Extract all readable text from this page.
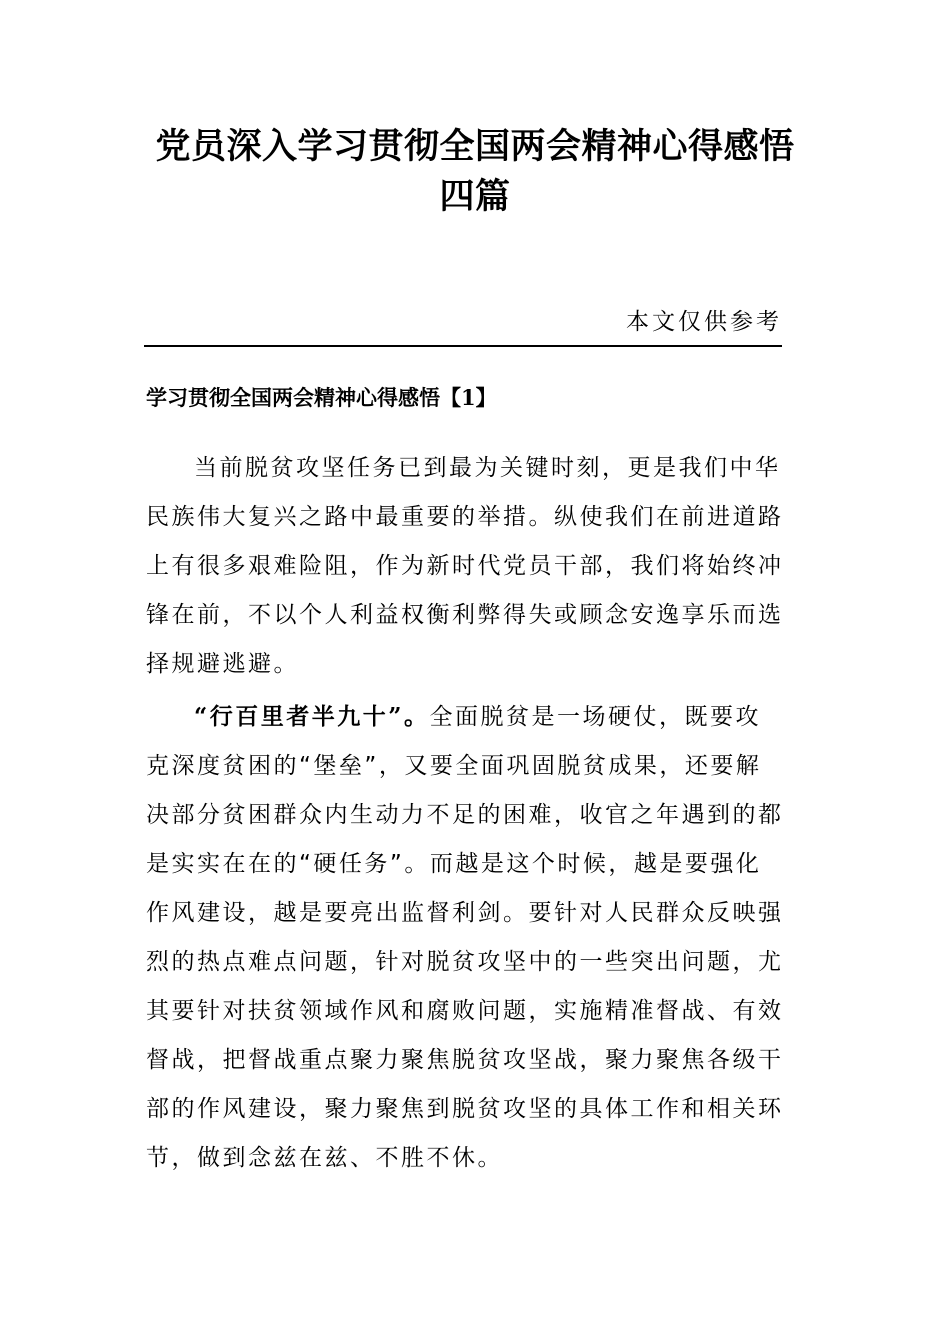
党员深入学习贯彻全国两会精神心得感悟
四篇
本文仅供参考
学习贯彻全国两会精神心得感悟【1】

当前脱贫攻坚任务已到最为关键时刻，更是我们中华
民族伟大复兴之路中最重要的举措。纵使我们在前进道路
上有很多艰难险阻，作为新时代党员干部，我们将始终冲
锋在前，不以个人利益权衡利弊得失或顾念安逸享乐而选
择规避逃避。

“行百里者半九十”。全面脱贫是一场硬仗，既要攻
克深度贫困的“堡垒”，又要全面巩固脱贫成果，还要解
决部分贫困群众内生动力不足的困难，收官之年遇到的都
是实实在在的“硬任务”。而越是这个时候，越是要强化
作风建设，越是要亮出监督利剑。要针对人民群众反映强
烈的热点难点问题，针对脱贫攻坚中的一些突出问题，尤
其要针对扶贫领域作风和腐败问题，实施精准督战、有效
督战，把督战重点聚力聚焦脱贫攻坚战，聚力聚焦各级干
部的作风建设，聚力聚焦到脱贫攻坚的具体工作和相关环
节，做到念兹在兹、不胜不休。
